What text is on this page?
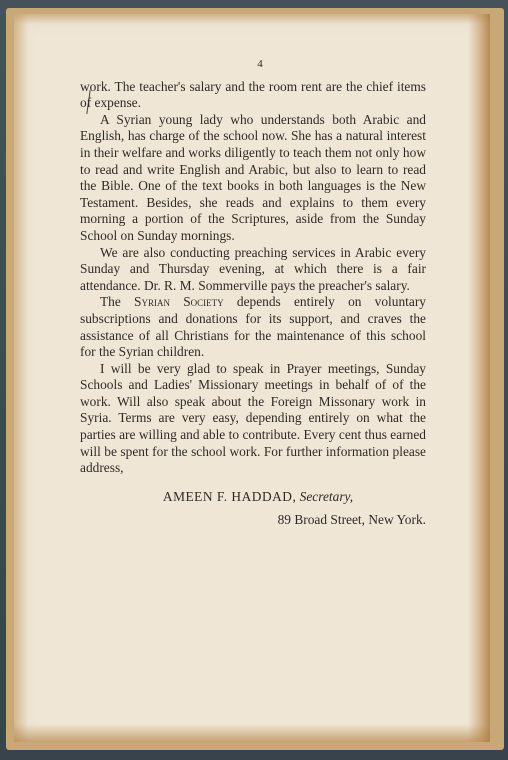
4

work. The teacher's salary and the room rent are the chief items of expense.

A Syrian young lady who understands both Arabic and English, has charge of the school now. She has a natural interest in their welfare and works diligently to teach them not only how to read and write English and Arabic, but also to learn to read the Bible. One of the text books in both languages is the New Testament. Besides, she reads and explains to them every morning a portion of the Scriptures, aside from the Sunday School on Sunday mornings.

We are also conducting preaching services in Arabic every Sunday and Thursday evening, at which there is a fair attendance. Dr. R. M. Sommerville pays the preacher's salary.

The Syrian Society depends entirely on voluntary subscriptions and donations for its support, and craves the assistance of all Christians for the maintenance of this school for the Syrian children.

I will be very glad to speak in Prayer meetings, Sunday Schools and Ladies' Missionary meetings in behalf of of the work. Will also speak about the Foreign Missonary work in Syria. Terms are very easy, depending entirely on what the parties are willing and able to contribute. Every cent thus earned will be spent for the school work. For further information please address,

AMEEN F. HADDAD, Secretary,
89 Broad Street, New York.
